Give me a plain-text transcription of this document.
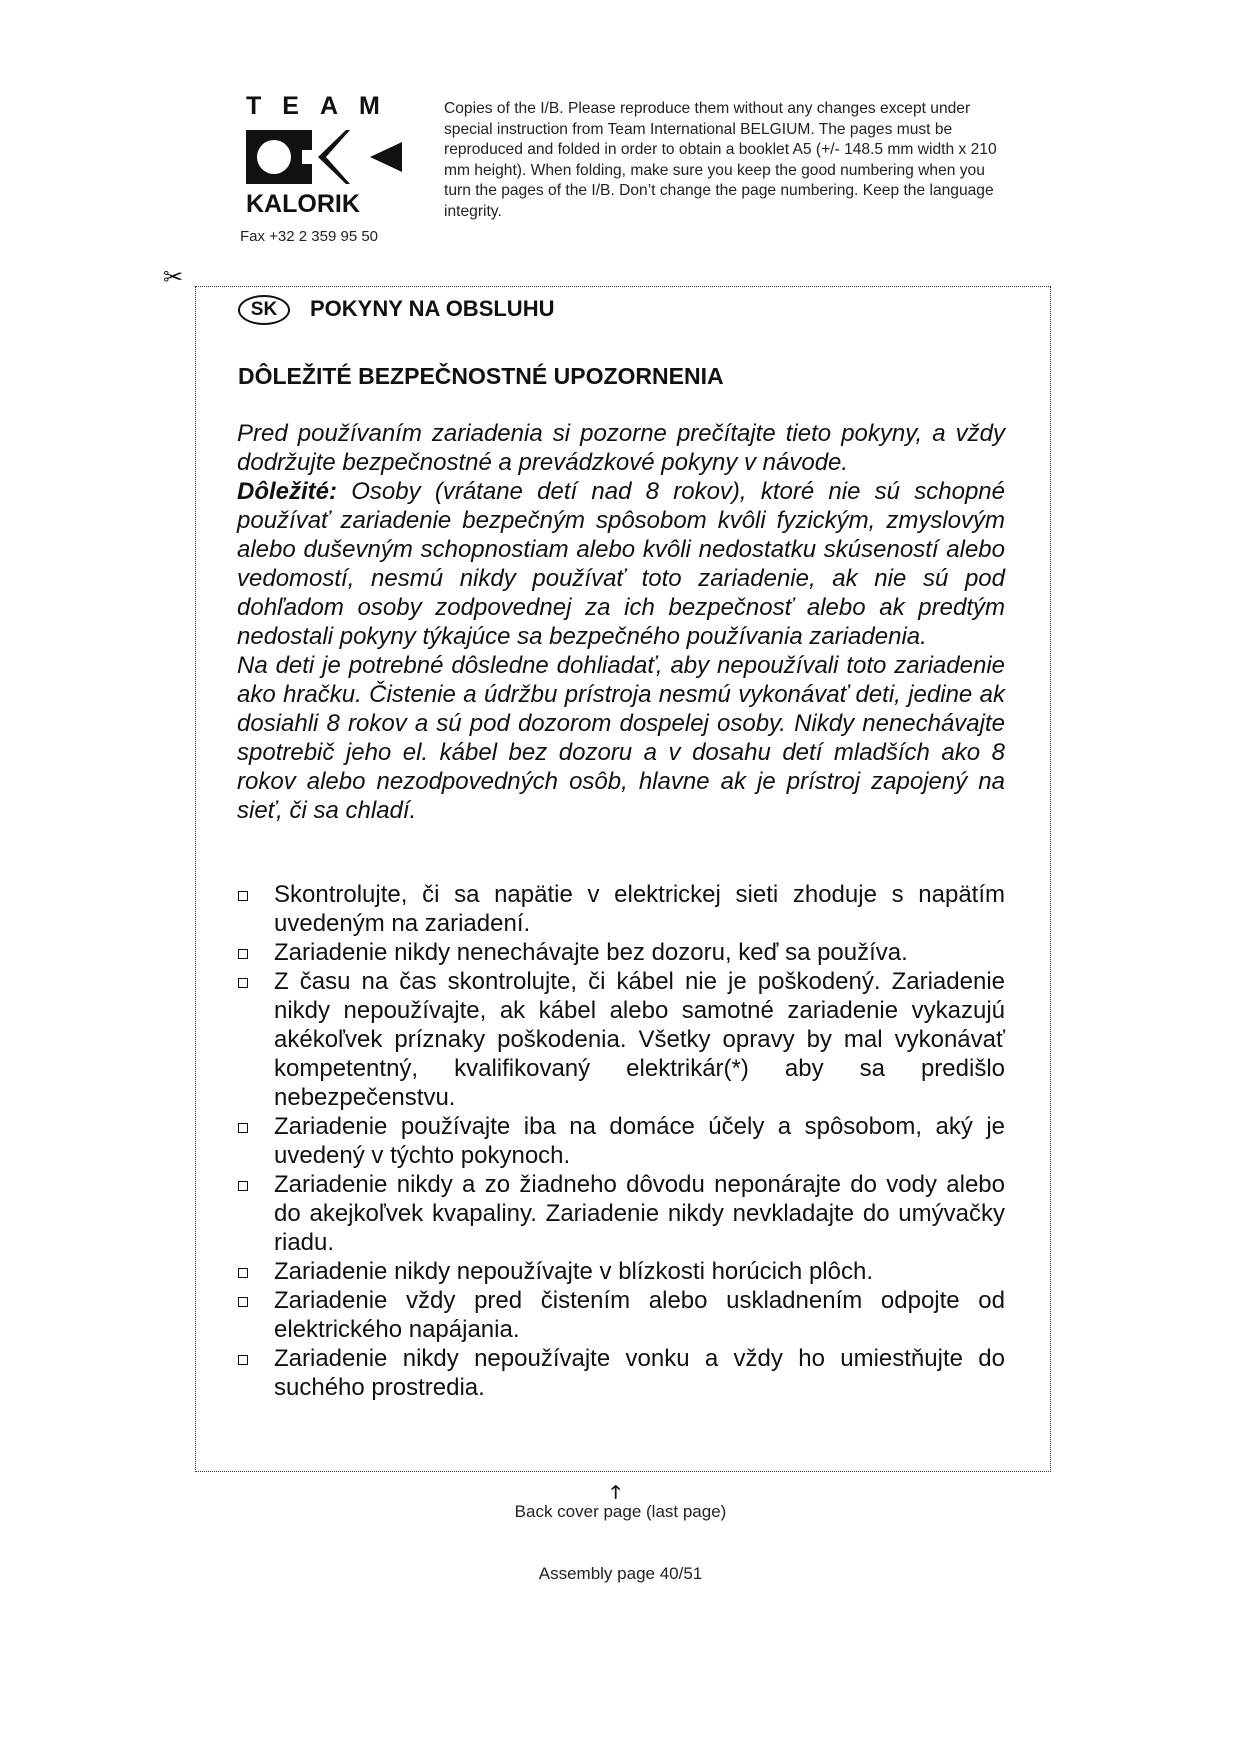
TEAM
KALORIK
Fax +32 2 359 95 50
Copies of the I/B. Please reproduce them without any changes except under special instruction from Team International BELGIUM. The pages must be reproduced and folded in order to obtain a booklet A5 (+/- 148.5 mm width x 210 mm height). When folding, make sure you keep the good numbering when you turn the pages of the I/B. Don’t change the page numbering. Keep the language integrity.
✂
SK	POKYNY NA OBSLUHU
DÔLEŽITÉ BEZPEČNOSTNÉ UPOZORNENIA

Pred používaním zariadenia si pozorne prečítajte tieto pokyny, a vždy dodržujte bezpečnostné a prevádzkové pokyny v návode.

Dôležité: Osoby (vrátane detí nad 8 rokov), ktoré nie sú schopné používať zariadenie bezpečným spôsobom kvôli fyzickým, zmyslovým alebo duševným schopnostiam alebo kvôli nedostatku skúseností alebo vedomostí, nesmú nikdy používať toto zariadenie, ak nie sú pod dohľadom osoby zodpovednej za ich bezpečnosť alebo ak predtým nedostali pokyny týkajúce sa bezpečného používania zariadenia.

Na deti je potrebné dôsledne dohliadať, aby nepoužívali toto zariadenie ako hračku. Čistenie a údržbu prístroja nesmú vykonávať deti, jedine ak dosiahli 8 rokov a sú pod dozorom dospelej osoby. Nikdy nenechávajte spotrebič jeho el. kábel bez dozoru a v dosahu detí mladších ako 8 rokov alebo nezodpovedných osôb, hlavne ak je prístroj zapojený na sieť, či sa chladí.

Skontrolujte, či sa napätie v elektrickej sieti zhoduje s napätím uvedeným na zariadení.
Zariadenie nikdy nenechávajte bez dozoru, keď sa používa.
Z času na čas skontrolujte, či kábel nie je poškodený. Zariadenie nikdy nepoužívajte, ak kábel alebo samotné zariadenie vykazujú akékoľvek príznaky poškodenia. Všetky opravy by mal vykonávať kompetentný, kvalifikovaný elektrikár(*) aby sa predišlo nebezpečenstvu.
Zariadenie používajte iba na domáce účely a spôsobom, aký je uvedený v týchto pokynoch.
Zariadenie nikdy a zo žiadneho dôvodu neponárajte do vody alebo do akejkoľvek kvapaliny. Zariadenie nikdy nevkladajte do umývačky riadu.
Zariadenie nikdy nepoužívajte v blízkosti horúcich plôch.
Zariadenie vždy pred čistením alebo uskladnením odpojte od elektrického napájania.
Zariadenie nikdy nepoužívajte vonku a vždy ho umiestňujte do suchého prostredia.
🡑
Back cover page (last page)
Assembly page 40/51
